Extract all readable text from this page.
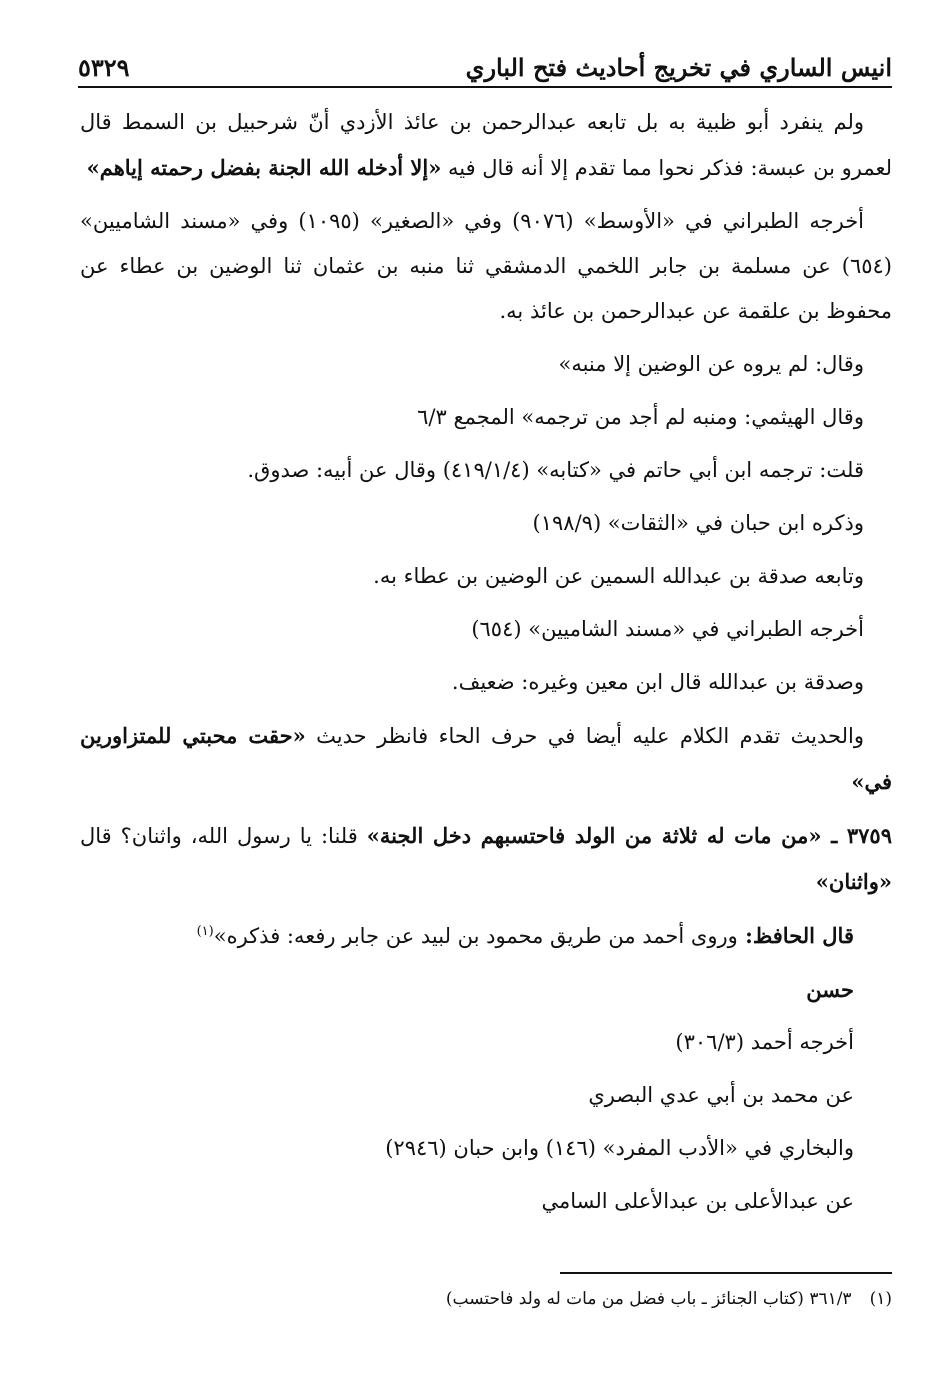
انيس الساري في تخريج أحاديث فتح الباري
٥٣٢٩

ولم ينفرد أبو ظبية به بل تابعه عبدالرحمن بن عائذ الأزدي أنّ شرحبيل بن السمط قال لعمرو بن عبسة: فذكر نحوا مما تقدم إلا أنه قال فيه «إلا أدخله الله الجنة بفضل رحمته إياهم»

أخرجه الطبراني في «الأوسط» (٩٠٧٦) وفي «الصغير» (١٠٩٥) وفي «مسند الشاميين» (٦٥٤) عن مسلمة بن جابر اللخمي الدمشقي ثنا منبه بن عثمان ثنا الوضين بن عطاء عن محفوظ بن علقمة عن عبدالرحمن بن عائذ به.

وقال: لم يروه عن الوضين إلا منبه»

وقال الهيثمي: ومنبه لم أجد من ترجمه» المجمع ٦/٣

قلت: ترجمه ابن أبي حاتم في «كتابه» (٤١٩/١/٤) وقال عن أبيه: صدوق.

وذكره ابن حبان في «الثقات» (١٩٨/٩)

وتابعه صدقة بن عبدالله السمين عن الوضين بن عطاء به.

أخرجه الطبراني في «مسند الشاميين» (٦٥٤)

وصدقة بن عبدالله قال ابن معين وغيره: ضعيف.

والحديث تقدم الكلام عليه أيضا في حرف الحاء فانظر حديث «حقت محبتي للمتزاورين في»

٣٧٥٩ ـ «من مات له ثلاثة من الولد فاحتسبهم دخل الجنة» قلنا: يا رسول الله، واثنان؟ قال «واثنان»

قال الحافظ: وروى أحمد من طريق محمود بن لبيد عن جابر رفعه: فذكره»$^{(١)}$

حسن

أخرجه أحمد (٣٠٦/٣)

عن محمد بن أبي عدي البصري

والبخاري في «الأدب المفرد» (١٤٦) وابن حبان (٢٩٤٦)

عن عبدالأعلى بن عبدالأعلى السامي

(١)٣٦١/٣ (كتاب الجنائز ـ باب فضل من مات له ولد فاحتسب)
